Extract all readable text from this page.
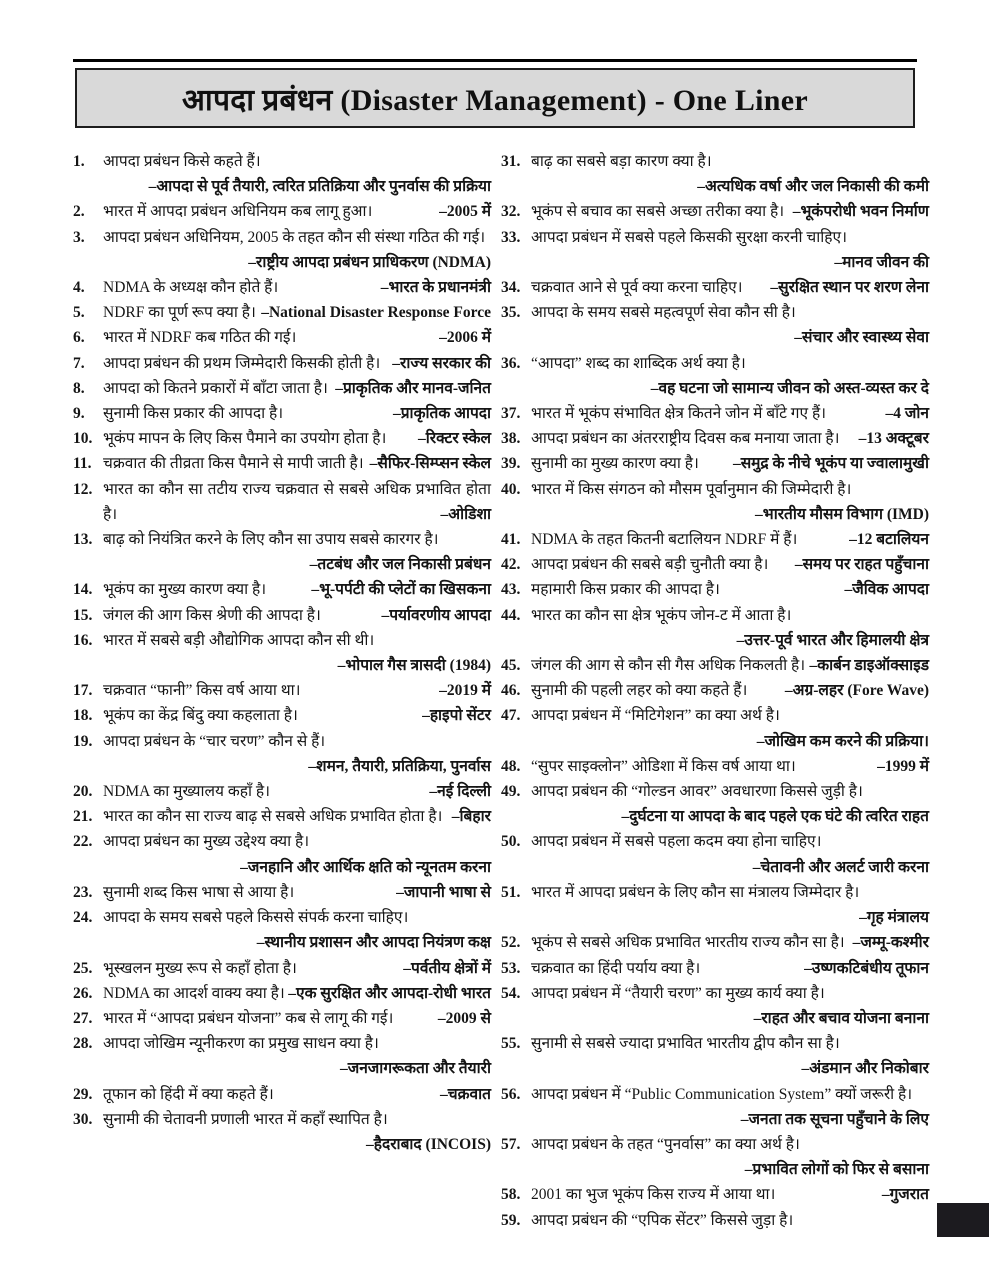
आपदा प्रबंधन (Disaster Management) - One Liner
1.	आपदा प्रबंधन किसे कहते हैं।
–आपदा से पूर्व तैयारी, त्वरित प्रतिक्रिया और पुनर्वास की प्रक्रिया
2.	भारत में आपदा प्रबंधन अधिनियम कब लागू हुआ।	–2005 में
3.	आपदा प्रबंधन अधिनियम, 2005 के तहत कौन सी संस्था गठित की गई।
–राष्ट्रीय आपदा प्रबंधन प्राधिकरण (NDMA)
4.	NDMA के अध्यक्ष कौन होते हैं।	–भारत के प्रधानमंत्री
5.	NDRF का पूर्ण रूप क्या है। –National Disaster Response Force
6.	भारत में NDRF कब गठित की गई।	–2006 में
7.	आपदा प्रबंधन की प्रथम जिम्मेदारी किसकी होती है। –राज्य सरकार की
8.	आपदा को कितने प्रकारों में बाँटा जाता है। –प्राकृतिक और मानव-जनित
9.	सुनामी किस प्रकार की आपदा है।	–प्राकृतिक आपदा
10. भूकंप मापन के लिए किस पैमाने का उपयोग होता है। –रिक्टर स्केल
11. चक्रवात की तीव्रता किस पैमाने से मापी जाती है। –सैफिर-सिम्प्सन स्केल
12. भारत का कौन सा तटीय राज्य चक्रवात से सबसे अधिक प्रभावित होता है।	–ओडिशा
13. बाढ़ को नियंत्रित करने के लिए कौन सा उपाय सबसे कारगर है।
–तटबंध और जल निकासी प्रबंधन
14. भूकंप का मुख्य कारण क्या है।	–भू-पर्पटी की प्लेटों का खिसकना
15. जंगल की आग किस श्रेणी की आपदा है।	–पर्यावरणीय आपदा
16. भारत में सबसे बड़ी औद्योगिक आपदा कौन सी थी।
–भोपाल गैस त्रासदी (1984)
17. चक्रवात “फानी” किस वर्ष आया था।	–2019 में
18. भूकंप का केंद्र बिंदु क्या कहलाता है।	–हाइपो सेंटर
19. आपदा प्रबंधन के “चार चरण” कौन से हैं।
–शमन, तैयारी, प्रतिक्रिया, पुनर्वास
20. NDMA का मुख्यालय कहाँ है।	–नई दिल्ली
21. भारत का कौन सा राज्य बाढ़ से सबसे अधिक प्रभावित होता है। –बिहार
22. आपदा प्रबंधन का मुख्य उद्देश्य क्या है।
–जनहानि और आर्थिक क्षति को न्यूनतम करना
23. सुनामी शब्द किस भाषा से आया है।	–जापानी भाषा से
24. आपदा के समय सबसे पहले किससे संपर्क करना चाहिए।
–स्थानीय प्रशासन और आपदा नियंत्रण कक्ष
25. भूस्खलन मुख्य रूप से कहाँ होता है।	–पर्वतीय क्षेत्रों में
26. NDMA का आदर्श वाक्य क्या है। –एक सुरक्षित और आपदा-रोधी भारत
27. भारत में “आपदा प्रबंधन योजना” कब से लागू की गई।	–2009 से
28. आपदा जोखिम न्यूनीकरण का प्रमुख साधन क्या है।
–जनजागरूकता और तैयारी
29. तूफान को हिंदी में क्या कहते हैं।	–चक्रवात
30. सुनामी की चेतावनी प्रणाली भारत में कहाँ स्थापित है।
–हैदराबाद (INCOIS)
31. बाढ़ का सबसे बड़ा कारण क्या है।
–अत्यधिक वर्षा और जल निकासी की कमी
32. भूकंप से बचाव का सबसे अच्छा तरीका क्या है। –भूकंपरोधी भवन निर्माण
33. आपदा प्रबंधन में सबसे पहले किसकी सुरक्षा करनी चाहिए।
–मानव जीवन की
34. चक्रवात आने से पूर्व क्या करना चाहिए। –सुरक्षित स्थान पर शरण लेना
35. आपदा के समय सबसे महत्वपूर्ण सेवा कौन सी है।
–संचार और स्वास्थ्य सेवा
36. “आपदा” शब्द का शाब्दिक अर्थ क्या है।
–वह घटना जो सामान्य जीवन को अस्त-व्यस्त कर दे
37. भारत में भूकंप संभावित क्षेत्र कितने जोन में बाँटे गए हैं।	–4 जोन
38. आपदा प्रबंधन का अंतरराष्ट्रीय दिवस कब मनाया जाता है। –13 अक्टूबर
39. सुनामी का मुख्य कारण क्या है। –समुद्र के नीचे भूकंप या ज्वालामुखी
40. भारत में किस संगठन को मौसम पूर्वानुमान की जिम्मेदारी है।
–भारतीय मौसम विभाग (IMD)
41. NDMA के तहत कितनी बटालियन NDRF में हैं।	–12 बटालियन
42. आपदा प्रबंधन की सबसे बड़ी चुनौती क्या है। –समय पर राहत पहुँचाना
43. महामारी किस प्रकार की आपदा है।	–जैविक आपदा
44. भारत का कौन सा क्षेत्र भूकंप जोन-ट में आता है।
–उत्तर-पूर्व भारत और हिमालयी क्षेत्र
45. जंगल की आग से कौन सी गैस अधिक निकलती है। –कार्बन डाइऑक्साइड
46. सुनामी की पहली लहर को क्या कहते हैं। –अग्र-लहर (Fore Wave)
47. आपदा प्रबंधन में “मिटिगेशन” का क्या अर्थ है।
–जोखिम कम करने की प्रक्रिया।
48. “सुपर साइक्लोन” ओडिशा में किस वर्ष आया था।	–1999 में
49. आपदा प्रबंधन की “गोल्डन आवर” अवधारणा किससे जुड़ी है।
–दुर्घटना या आपदा के बाद पहले एक घंटे की त्वरित राहत
50. आपदा प्रबंधन में सबसे पहला कदम क्या होना चाहिए।
–चेतावनी और अलर्ट जारी करना
51. भारत में आपदा प्रबंधन के लिए कौन सा मंत्रालय जिम्मेदार है।
–गृह मंत्रालय
52. भूकंप से सबसे अधिक प्रभावित भारतीय राज्य कौन सा है। –जम्मू-कश्मीर
53. चक्रवात का हिंदी पर्याय क्या है।	–उष्णकटिबंधीय तूफान
54. आपदा प्रबंधन में “तैयारी चरण” का मुख्य कार्य क्या है।
–राहत और बचाव योजना बनाना
55. सुनामी से सबसे ज्यादा प्रभावित भारतीय द्वीप कौन सा है।
–अंडमान और निकोबार
56. आपदा प्रबंधन में “Public Communication System” क्यों जरूरी है।
–जनता तक सूचना पहुँचाने के लिए
57. आपदा प्रबंधन के तहत “पुनर्वास” का क्या अर्थ है।
–प्रभावित लोगों को फिर से बसाना
58. 2001 का भुज भूकंप किस राज्य में आया था।	–गुजरात
59. आपदा प्रबंधन की “एपिक सेंटर” किससे जुड़ा है।
